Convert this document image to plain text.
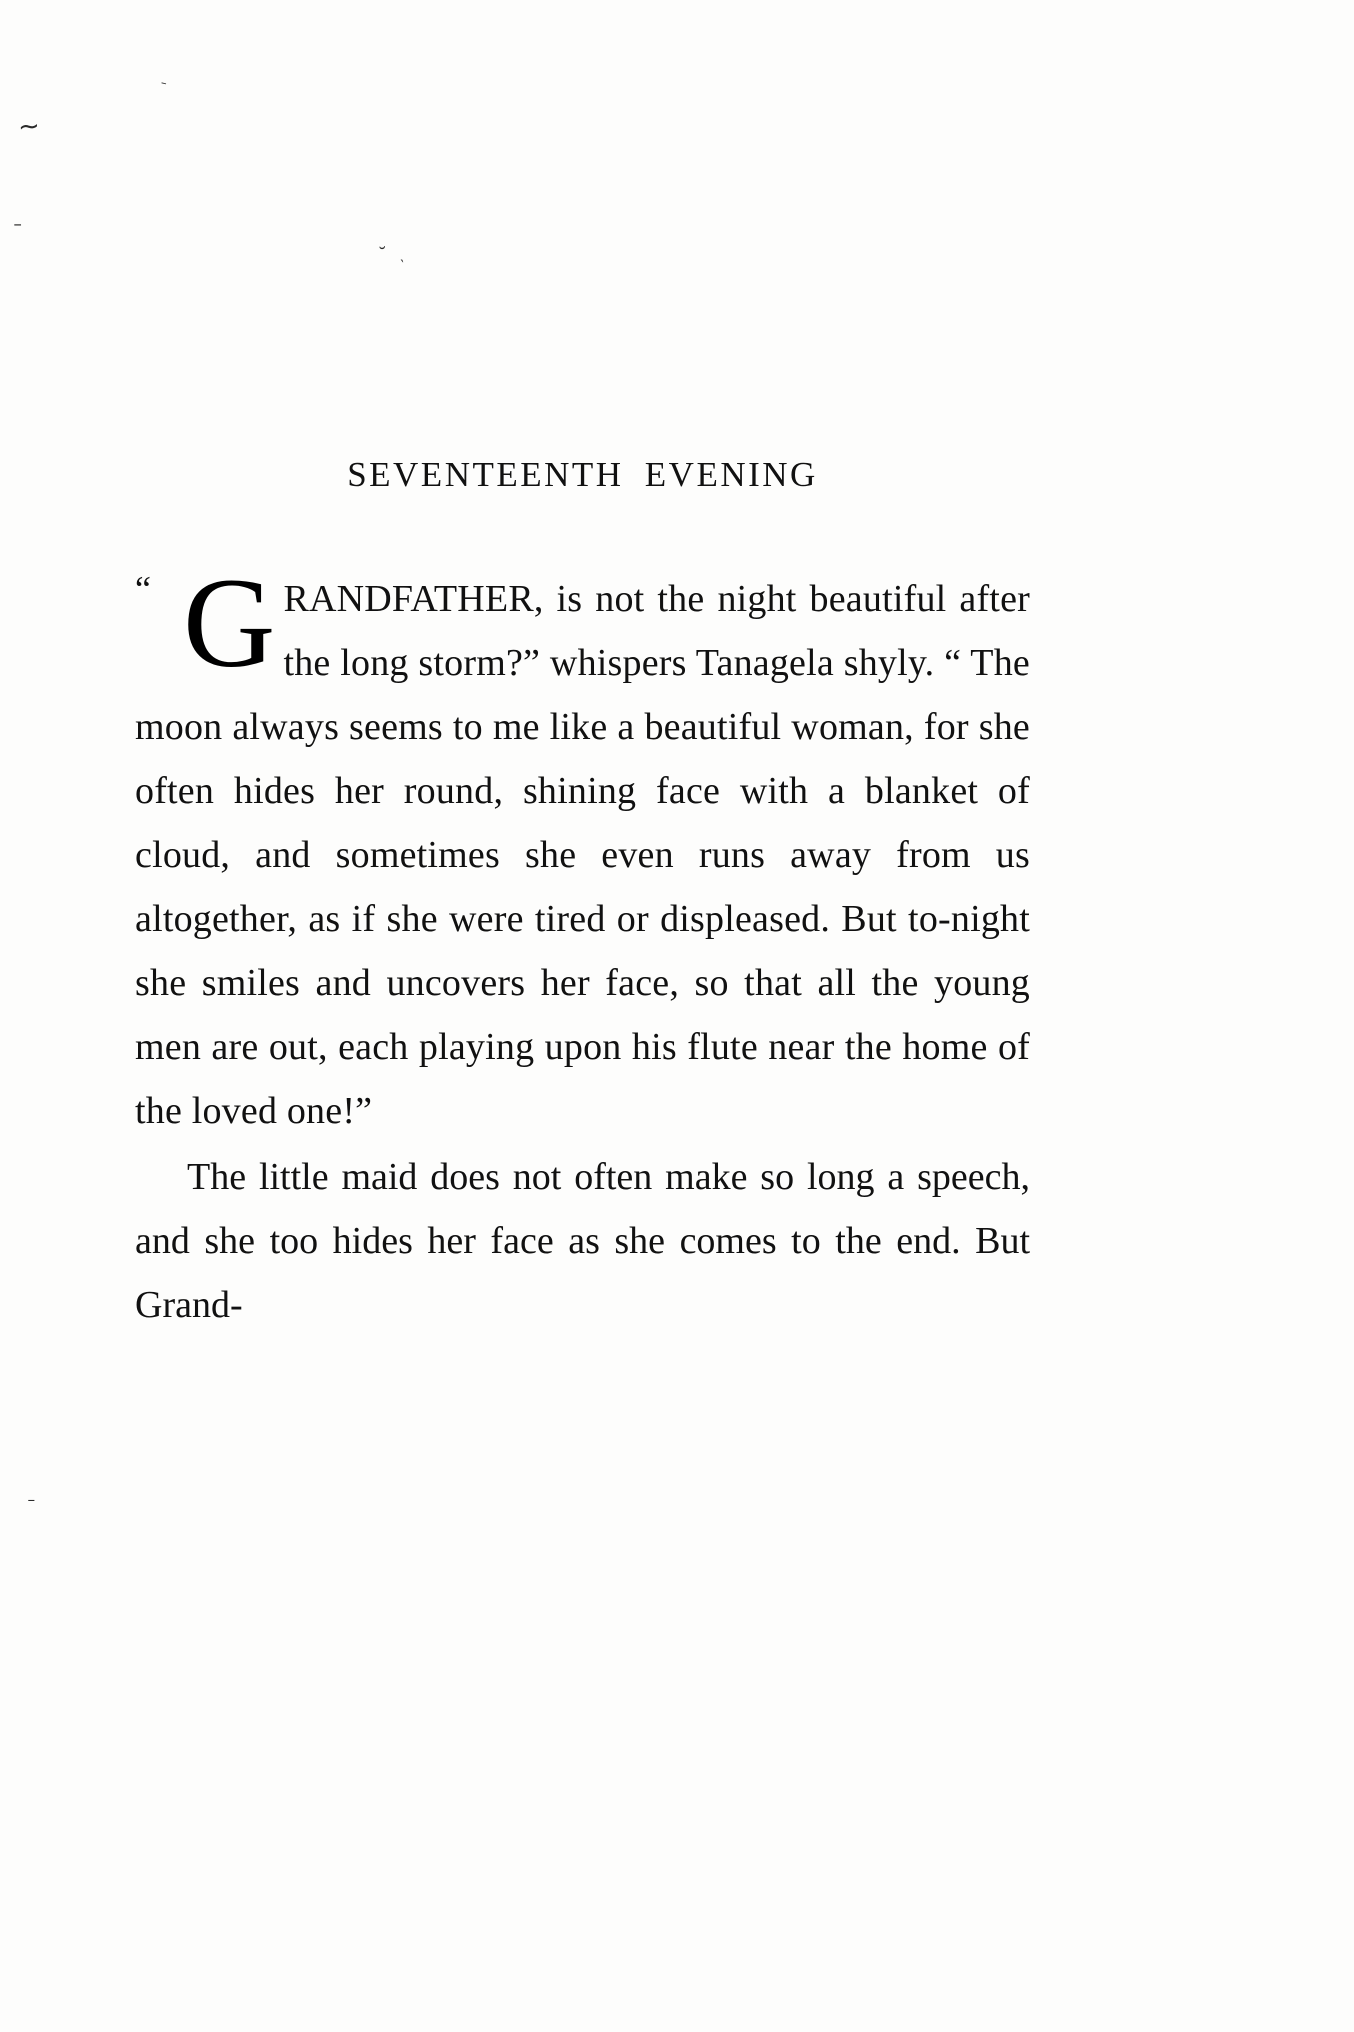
ˉ
∼
ˉ
˘
ˋ
ˉ
SEVENTEENTH EVENING

“ G RANDFATHER, is not the night beautiful after the long storm?” whispers Tanagela shyly. “ The moon always seems to me like a beautiful woman, for she often hides her round, shining face with a blanket of cloud, and sometimes she even runs away from us altogether, as if she were tired or displeased. But to-night she smiles and uncovers her face, so that all the young men are out, each playing upon his flute near the home of the loved one!”

The little maid does not often make so long a speech, and she too hides her face as she comes to the end. But Grand-
